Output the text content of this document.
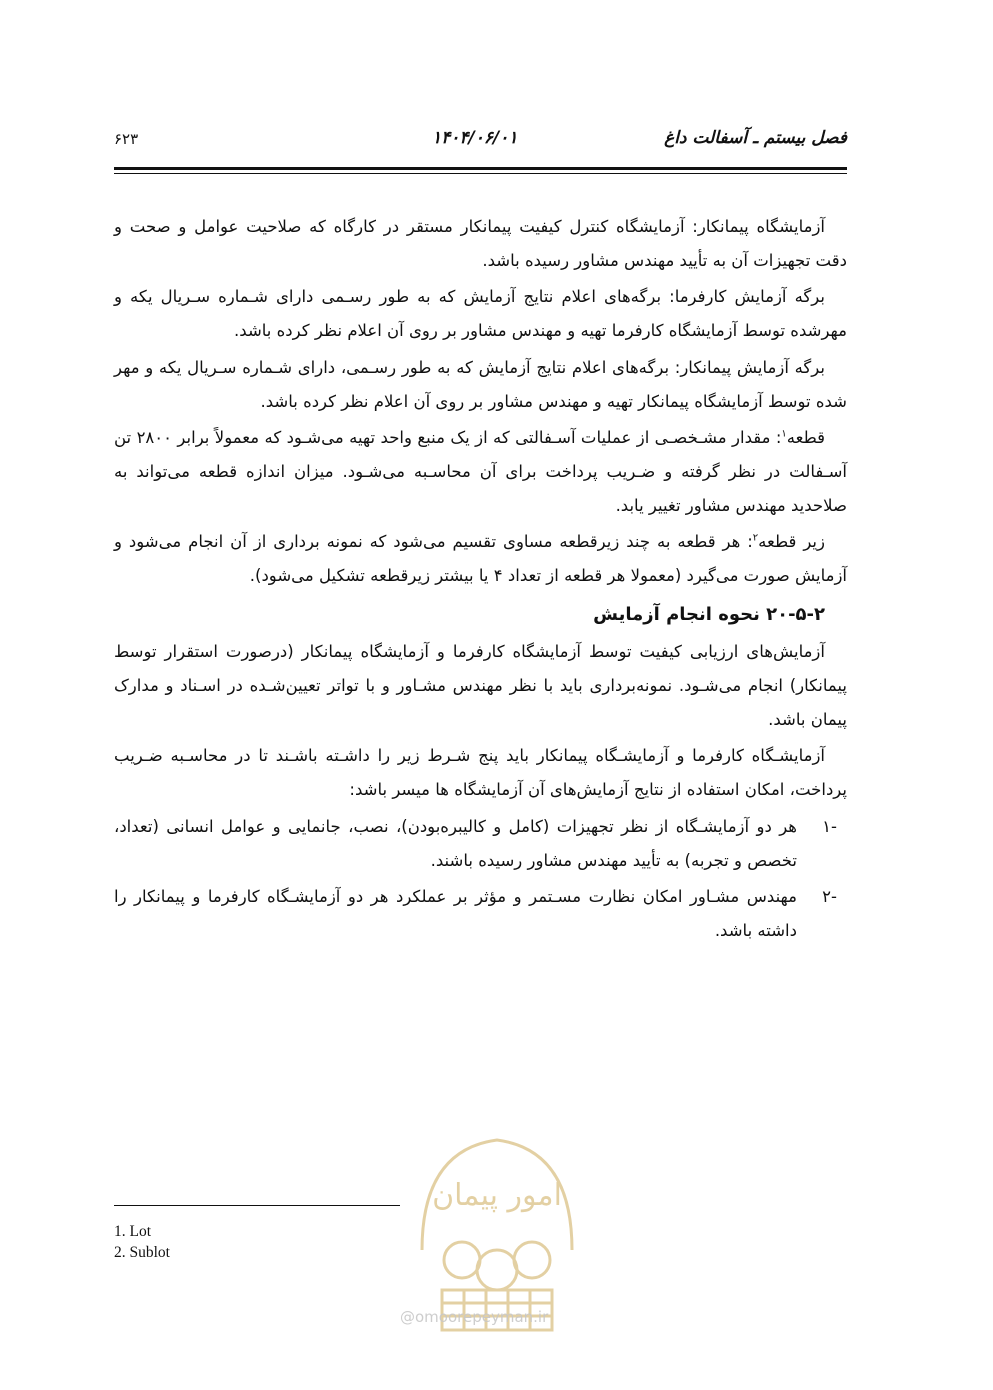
فصل بیستم ـ آسفالت داغ
۱۴۰۴/۰۶/۰۱
۶۲۳

آزمایشگاه پیمانکار: آزمایشگاه کنترل کیفیت پیمانکار مستقر در کارگاه که صلاحیت عوامل و صحت و دقت تجهیزات آن به تأیید مهندس مشاور رسیده باشد.

برگه آزمایش کارفرما: برگه‌های اعلام نتایج آزمایش که به طور رسـمی دارای شـماره سـریال یکه و مهرشده توسط آزمایشگاه کارفرما تهیه و مهندس مشاور بر روی آن اعلام نظر کرده باشد.

برگه آزمایش پیمانکار: برگه‌های اعلام نتایج آزمایش که به طور رسـمی، دارای شـماره سـریال یکه و مهر شده توسط آزمایشگاه پیمانکار تهیه و مهندس مشاور بر روی آن اعلام نظر کرده باشد.

قطعه$^۱$: مقدار مشـخصـی از عملیات آسـفالتی که از یک منبع واحد تهیه می‌شـود که معمولاً برابر ۲۸۰۰ تن آسـفالت در نظر گرفته و ضـریب پرداخت برای آن محاسـبه می‌شـود. میزان اندازه قطعه می‌تواند به صلاحدید مهندس مشاور تغییر یابد.

زیر قطعه$^۲$: هر قطعه به چند زیرقطعه مساوی تقسیم می‌شود که نمونه برداری از آن انجام می‌شود و آزمایش صورت می‌گیرد (معمولا هر قطعه از تعداد ۴ یا بیشتر زیرقطعه تشکیل می‌شود).

۲۰-۵-۲ نحوه انجام آزمایش

آزمایش‌های ارزیابی کیفیت توسط آزمایشگاه کارفرما و آزمایشگاه پیمانکار (درصورت استقرار توسط پیمانکار) انجام می‌شـود. نمونه‌برداری باید با نظر مهندس مشـاور و با تواتر تعیین‌شـده در اسـناد و مدارک پیمان باشد.

آزمایشـگاه کارفرما و آزمایشـگاه پیمانکار باید پنج شـرط زیر را داشـته باشـند تا در محاسـبه ضـریب پرداخت، امکان استفاده از نتایج آزمایش‌های آن آزمایشگاه ها میسر باشد:

-۱
هر دو آزمایشـگاه از نظر تجهیزات (کامل و کالیبره‌بودن)، نصب، جانمایی و عوامل انسانی (تعداد، تخصص و تجربه) به تأیید مهندس مشاور رسیده باشند.
-۲
مهندس مشـاور امکان نظارت مسـتمر و مؤثر بر عملکرد هر دو آزمایشـگاه کارفرما و پیمانکار را داشته باشد.
امور پیمان
@omoorepeyman.ir
1. Lot
2. Sublot
